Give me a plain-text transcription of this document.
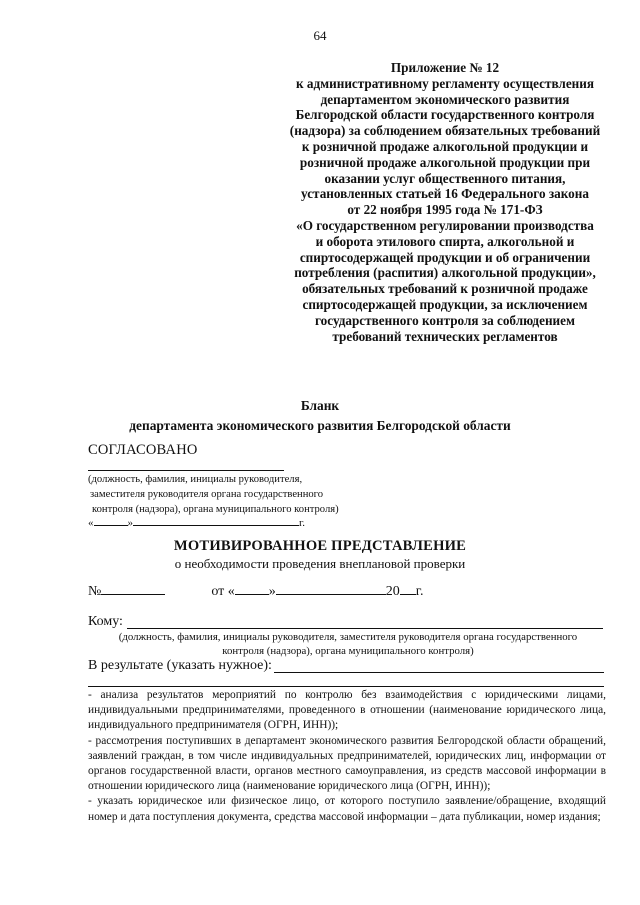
64
Приложение № 12
к административному регламенту осуществления
департаментом экономического развития
Белгородской области государственного контроля
(надзора) за соблюдением обязательных требований
к розничной продаже алкогольной продукции и
розничной продаже алкогольной продукции при
оказании услуг общественного питания,
установленных статьей 16 Федерального закона
от 22 ноября 1995 года № 171-ФЗ
«О государственном регулировании производства
и оборота этилового спирта, алкогольной и
спиртосодержащей продукции и об ограничении
потребления (распития) алкогольной продукции»,
обязательных требований к розничной продаже
спиртосодержащей продукции, за исключением
государственного контроля за соблюдением
требований технических регламентов
Бланк
департамента экономического развития Белгородской области
СОГЛАСОВАНО
(должность, фамилия, инициалы руководителя,
заместителя руководителя органа государственного
контроля (надзора), органа муниципального контроля)
«	»	г.
МОТИВИРОВАННОЕ ПРЕДСТАВЛЕНИЕ
о необходимости проведения внеплановой проверки
№	от « »	20 г.
Кому:
(должность, фамилия, инициалы руководителя, заместителя руководителя органа государственного
контроля (надзора), органа муниципального контроля)
В результате (указать нужное):

- анализа результатов мероприятий по контролю без взаимодействия с юридическими лицами, индивидуальными предпринимателями, проведенного в отношении (наименование юридического лица, индивидуального предпринимателя (ОГРН, ИНН));

- рассмотрения поступивших в департамент экономического развития Белгородской области обращений, заявлений граждан, в том числе индивидуальных предпринимателей, юридических лиц, информации от органов государственной власти, органов местного самоуправления, из средств массовой информации в отношении юридического лица (наименование юридического лица (ОГРН, ИНН));

- указать юридическое или физическое лицо, от которого поступило заявление/обращение, входящий номер и дата поступления документа, средства массовой информации – дата публикации, номер издания;
